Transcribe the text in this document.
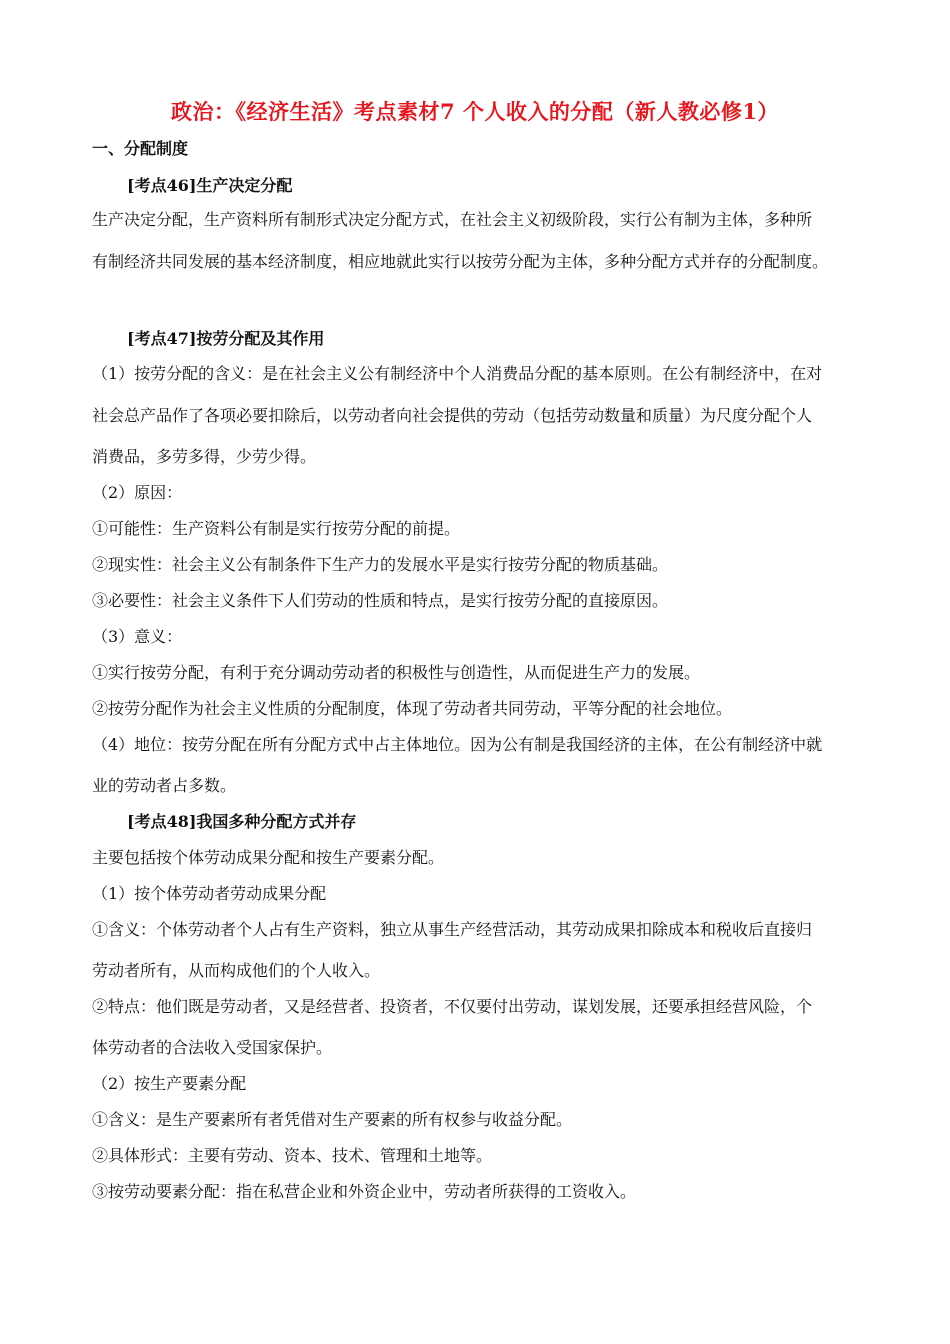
政治：《经济生活》考点素材7 个人收入的分配（新人教必修1）
一、分配制度
[考点46]生产决定分配
生产决定分配，生产资料所有制形式决定分配方式，在社会主义初级阶段，实行公有制为主体，多种所
有制经济共同发展的基本经济制度，相应地就此实行以按劳分配为主体，多种分配方式并存的分配制度。
[考点47]按劳分配及其作用
（1）按劳分配的含义：是在社会主义公有制经济中个人消费品分配的基本原则。在公有制经济中，在对
社会总产品作了各项必要扣除后，以劳动者向社会提供的劳动（包括劳动数量和质量）为尺度分配个人
消费品，多劳多得，少劳少得。
（2）原因：
①可能性：生产资料公有制是实行按劳分配的前提。
②现实性：社会主义公有制条件下生产力的发展水平是实行按劳分配的物质基础。
③必要性：社会主义条件下人们劳动的性质和特点，是实行按劳分配的直接原因。
（3）意义：
①实行按劳分配，有利于充分调动劳动者的积极性与创造性，从而促进生产力的发展。
②按劳分配作为社会主义性质的分配制度，体现了劳动者共同劳动，平等分配的社会地位。
（4）地位：按劳分配在所有分配方式中占主体地位。因为公有制是我国经济的主体，在公有制经济中就
业的劳动者占多数。
[考点48]我国多种分配方式并存
主要包括按个体劳动成果分配和按生产要素分配。
（1）按个体劳动者劳动成果分配
①含义：个体劳动者个人占有生产资料，独立从事生产经营活动，其劳动成果扣除成本和税收后直接归
劳动者所有，从而构成他们的个人收入。
②特点：他们既是劳动者，又是经营者、投资者，不仅要付出劳动，谋划发展，还要承担经营风险，个
体劳动者的合法收入受国家保护。
（2）按生产要素分配
①含义：是生产要素所有者凭借对生产要素的所有权参与收益分配。
②具体形式：主要有劳动、资本、技术、管理和土地等。
③按劳动要素分配：指在私营企业和外资企业中，劳动者所获得的工资收入。
